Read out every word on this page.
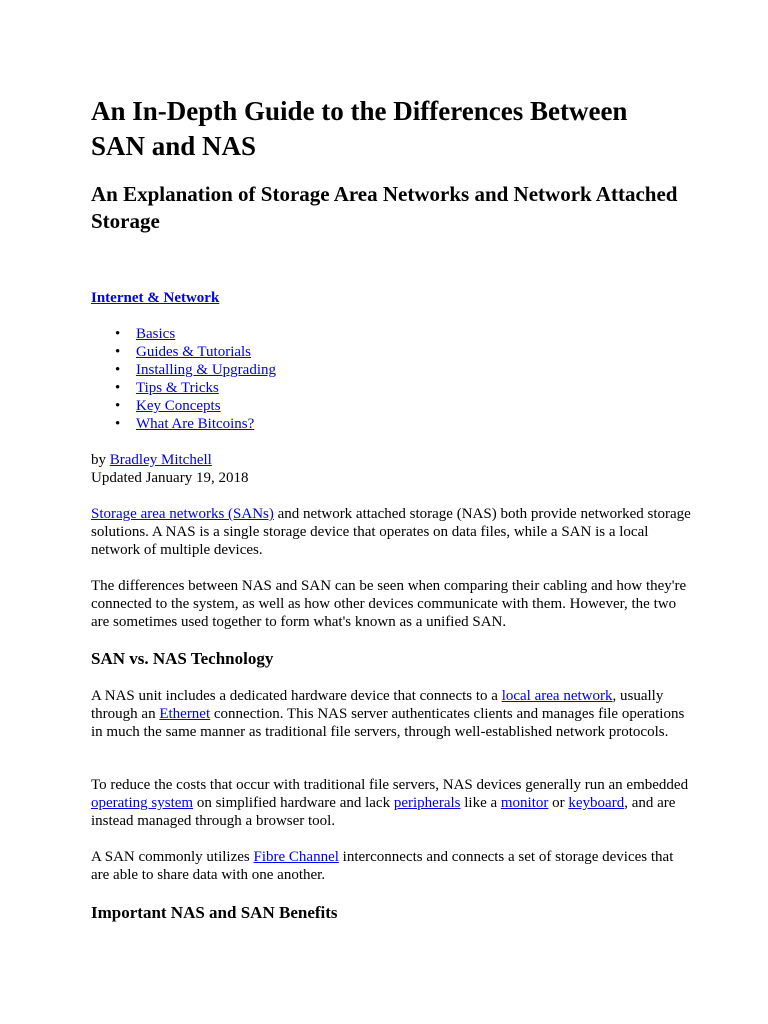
An In-Depth Guide to the Differences Between SAN and NAS
An Explanation of Storage Area Networks and Network Attached Storage
Internet & Network
• Basics
• Guides & Tutorials
• Installing & Upgrading
• Tips & Tricks
• Key Concepts
• What Are Bitcoins?
by Bradley Mitchell
Updated January 19, 2018

Storage area networks (SANs) and network attached storage (NAS) both provide networked storage solutions. A NAS is a single storage device that operates on data files, while a SAN is a local network of multiple devices.

The differences between NAS and SAN can be seen when comparing their cabling and how they're connected to the system, as well as how other devices communicate with them. However, the two are sometimes used together to form what's known as a unified SAN.

SAN vs. NAS Technology

A NAS unit includes a dedicated hardware device that connects to a local area network, usually through an Ethernet connection. This NAS server authenticates clients and manages file operations in much the same manner as traditional file servers, through well-established network protocols.

To reduce the costs that occur with traditional file servers, NAS devices generally run an embedded operating system on simplified hardware and lack peripherals like a monitor or keyboard, and are instead managed through a browser tool.

A SAN commonly utilizes Fibre Channel interconnects and connects a set of storage devices that are able to share data with one another.

Important NAS and SAN Benefits
